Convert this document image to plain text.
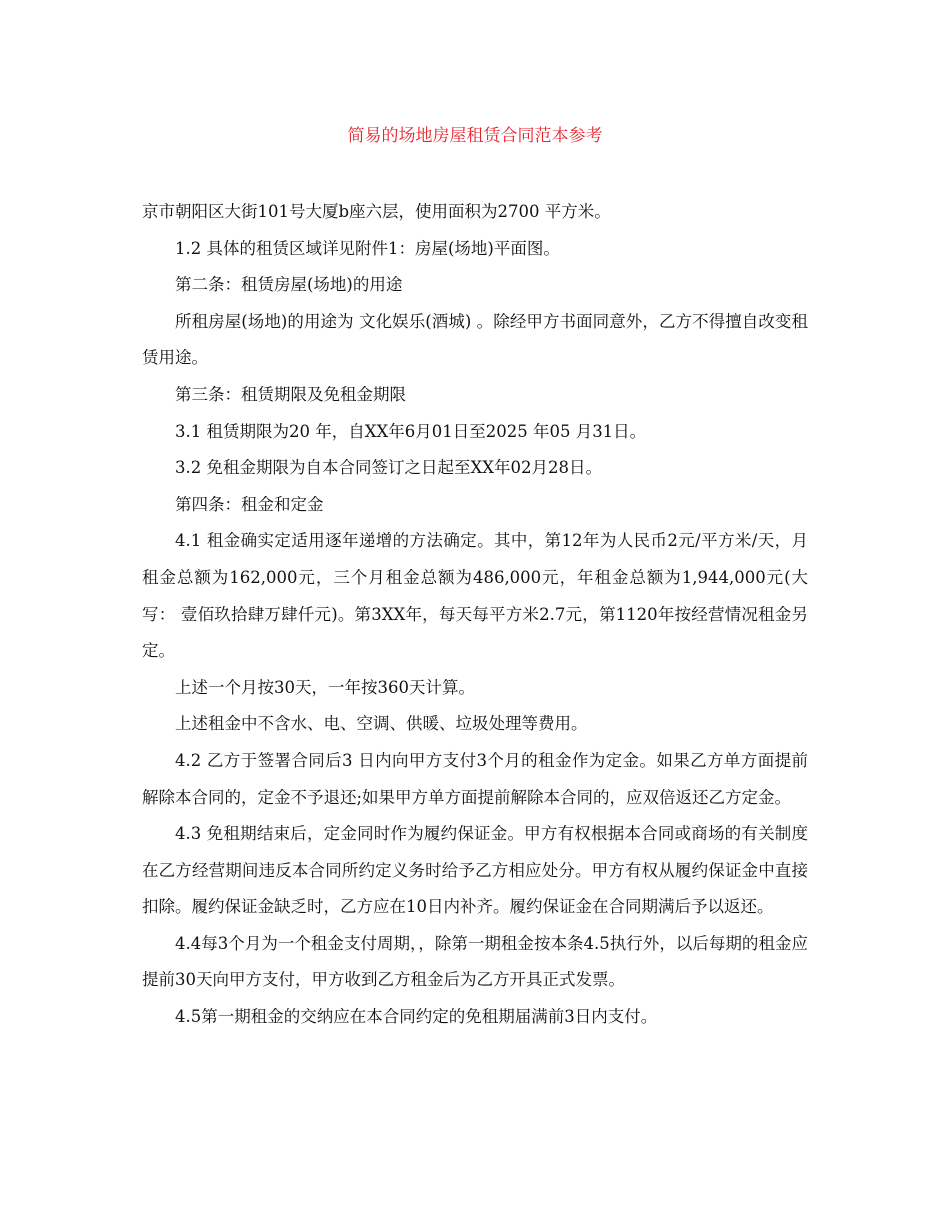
简易的场地房屋租赁合同范本参考

京市朝阳区大街101号大厦b座六层，使用面积为2700 平方米。

1.2 具体的租赁区域详见附件1：房屋(场地)平面图。

第二条：租赁房屋(场地)的用途

所租房屋(场地)的用途为 文化娱乐(酒城) 。除经甲方书面同意外，乙方不得擅自改变租赁用途。

第三条：租赁期限及免租金期限

3.1 租赁期限为20 年，自XX年6月01日至2025 年05 月31日。

3.2 免租金期限为自本合同签订之日起至XX年02月28日。

第四条：租金和定金

4.1 租金确实定适用逐年递增的方法确定。其中，第12年为人民币2元/平方米/天，月租金总额为162,000元，三个月租金总额为486,000元，年租金总额为1,944,000元(大写： 壹佰玖拾肆万肆仟元)。第3XX年，每天每平方米2.7元，第1120年按经营情况租金另定。

上述一个月按30天，一年按360天计算。

上述租金中不含水、电、空调、供暖、垃圾处理等费用。

4.2 乙方于签署合同后3 日内向甲方支付3个月的租金作为定金。如果乙方单方面提前解除本合同的，定金不予退还;如果甲方单方面提前解除本合同的，应双倍返还乙方定金。

4.3 免租期结束后，定金同时作为履约保证金。甲方有权根据本合同或商场的有关制度在乙方经营期间违反本合同所约定义务时给予乙方相应处分。甲方有权从履约保证金中直接扣除。履约保证金缺乏时，乙方应在10日内补齐。履约保证金在合同期满后予以返还。

4.4每3个月为一个租金支付周期，，除第一期租金按本条4.5执行外，以后每期的租金应提前30天向甲方支付，甲方收到乙方租金后为乙方开具正式发票。

4.5第一期租金的交纳应在本合同约定的免租期届满前3日内支付。
